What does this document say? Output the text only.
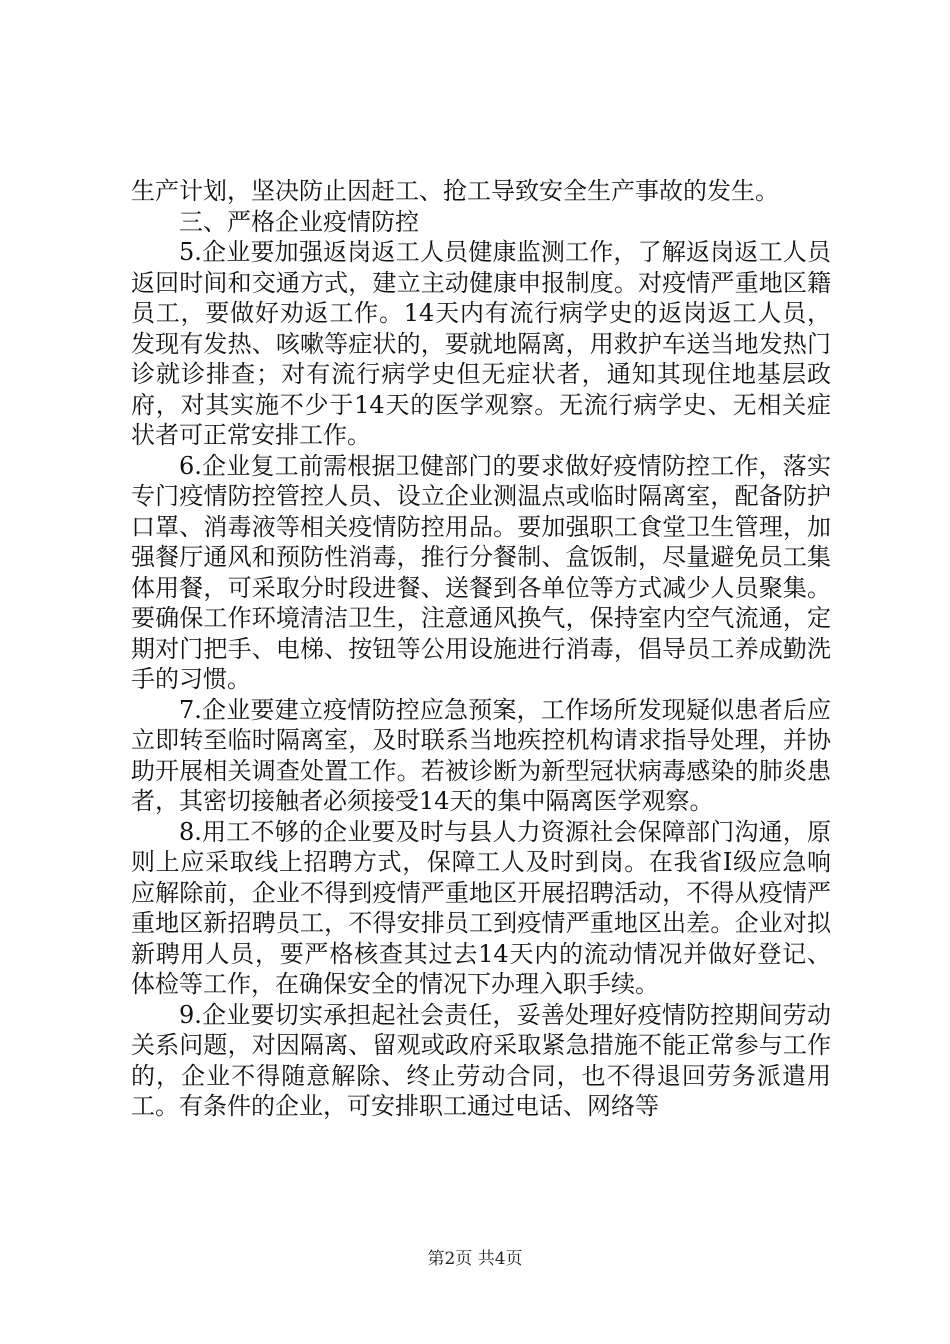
生产计划，坚决防止因赶工、抢工导致安全生产事故的发生。

三、严格企业疫情防控

5.企业要加强返岗返工人员健康监测工作，了解返岗返工人员返回时间和交通方式，建立主动健康申报制度。对疫情严重地区籍员工，要做好劝返工作。14天内有流行病学史的返岗返工人员，发现有发热、咳嗽等症状的，要就地隔离，用救护车送当地发热门诊就诊排查；对有流行病学史但无症状者，通知其现住地基层政府，对其实施不少于14天的医学观察。无流行病学史、无相关症状者可正常安排工作。

6.企业复工前需根据卫健部门的要求做好疫情防控工作，落实专门疫情防控管控人员、设立企业测温点或临时隔离室，配备防护口罩、消毒液等相关疫情防控用品。要加强职工食堂卫生管理，加强餐厅通风和预防性消毒，推行分餐制、盒饭制，尽量避免员工集体用餐，可采取分时段进餐、送餐到各单位等方式减少人员聚集。要确保工作环境清洁卫生，注意通风换气，保持室内空气流通，定期对门把手、电梯、按钮等公用设施进行消毒，倡导员工养成勤洗手的习惯。

7.企业要建立疫情防控应急预案，工作场所发现疑似患者后应立即转至临时隔离室，及时联系当地疾控机构请求指导处理，并协助开展相关调查处置工作。若被诊断为新型冠状病毒感染的肺炎患者，其密切接触者必须接受14天的集中隔离医学观察。

8.用工不够的企业要及时与县人力资源社会保障部门沟通，原则上应采取线上招聘方式，保障工人及时到岗。在我省Ⅰ级应急响应解除前，企业不得到疫情严重地区开展招聘活动，不得从疫情严重地区新招聘员工，不得安排员工到疫情严重地区出差。企业对拟新聘用人员，要严格核查其过去14天内的流动情况并做好登记、体检等工作，在确保安全的情况下办理入职手续。

9.企业要切实承担起社会责任，妥善处理好疫情防控期间劳动关系问题，对因隔离、留观或政府采取紧急措施不能正常参与工作的，企业不得随意解除、终止劳动合同，也不得退回劳务派遣用工。有条件的企业，可安排职工通过电话、网络等

第2页 共4页
